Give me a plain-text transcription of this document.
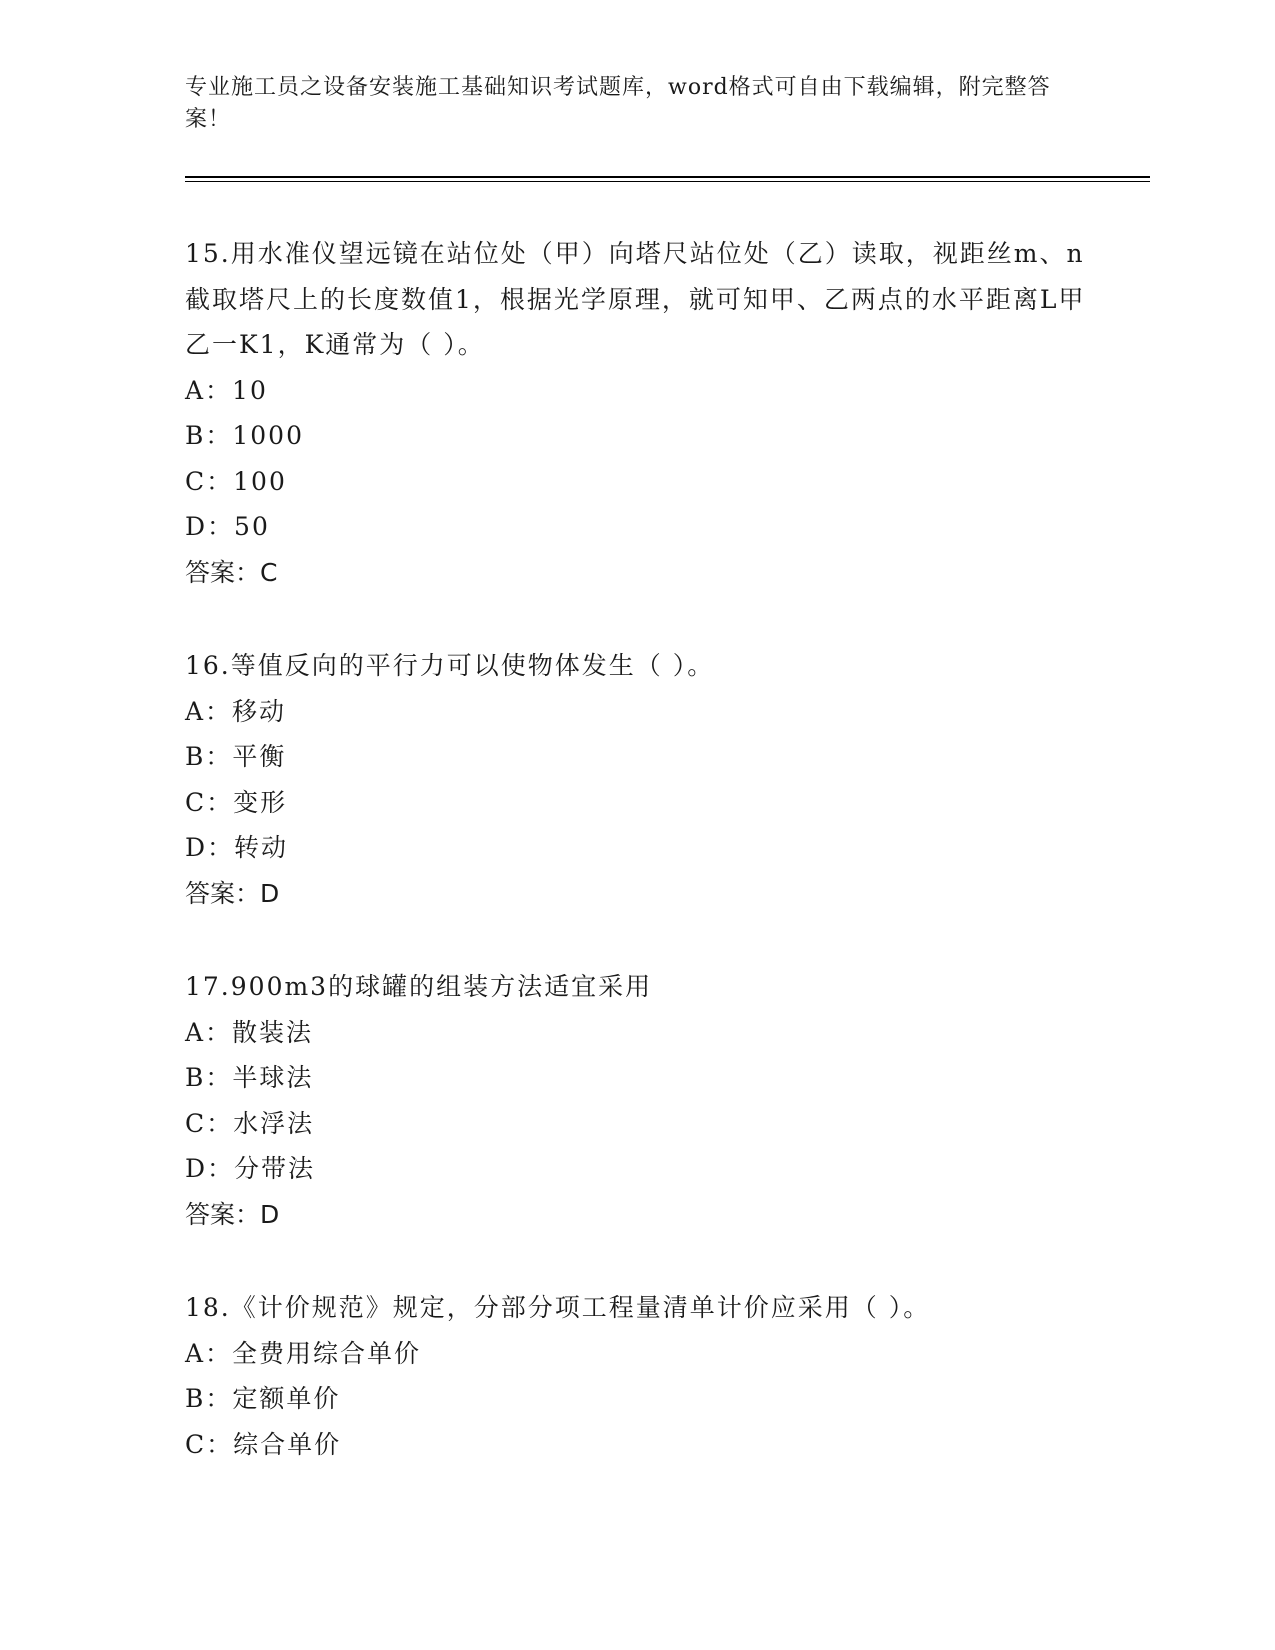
专业施工员之设备安装施工基础知识考试题库，word格式可自由下载编辑，附完整答案！

15.用水准仪望远镜在站位处（甲）向塔尺站位处（乙）读取，视距丝m、n截取塔尺上的长度数值1，根据光学原理，就可知甲、乙两点的水平距离L甲乙一K1，K通常为（ ）。

A：10

B：1000

C：100

D：50

答案：C

16.等值反向的平行力可以使物体发生（ ）。

A：移动

B：平衡

C：变形

D：转动

答案：D

17.900m3的球罐的组装方法适宜采用

A：散装法

B：半球法

C：水浮法

D：分带法

答案：D

18.《计价规范》规定，分部分项工程量清单计价应采用（ ）。

A：全费用综合单价

B：定额单价

C：综合单价
